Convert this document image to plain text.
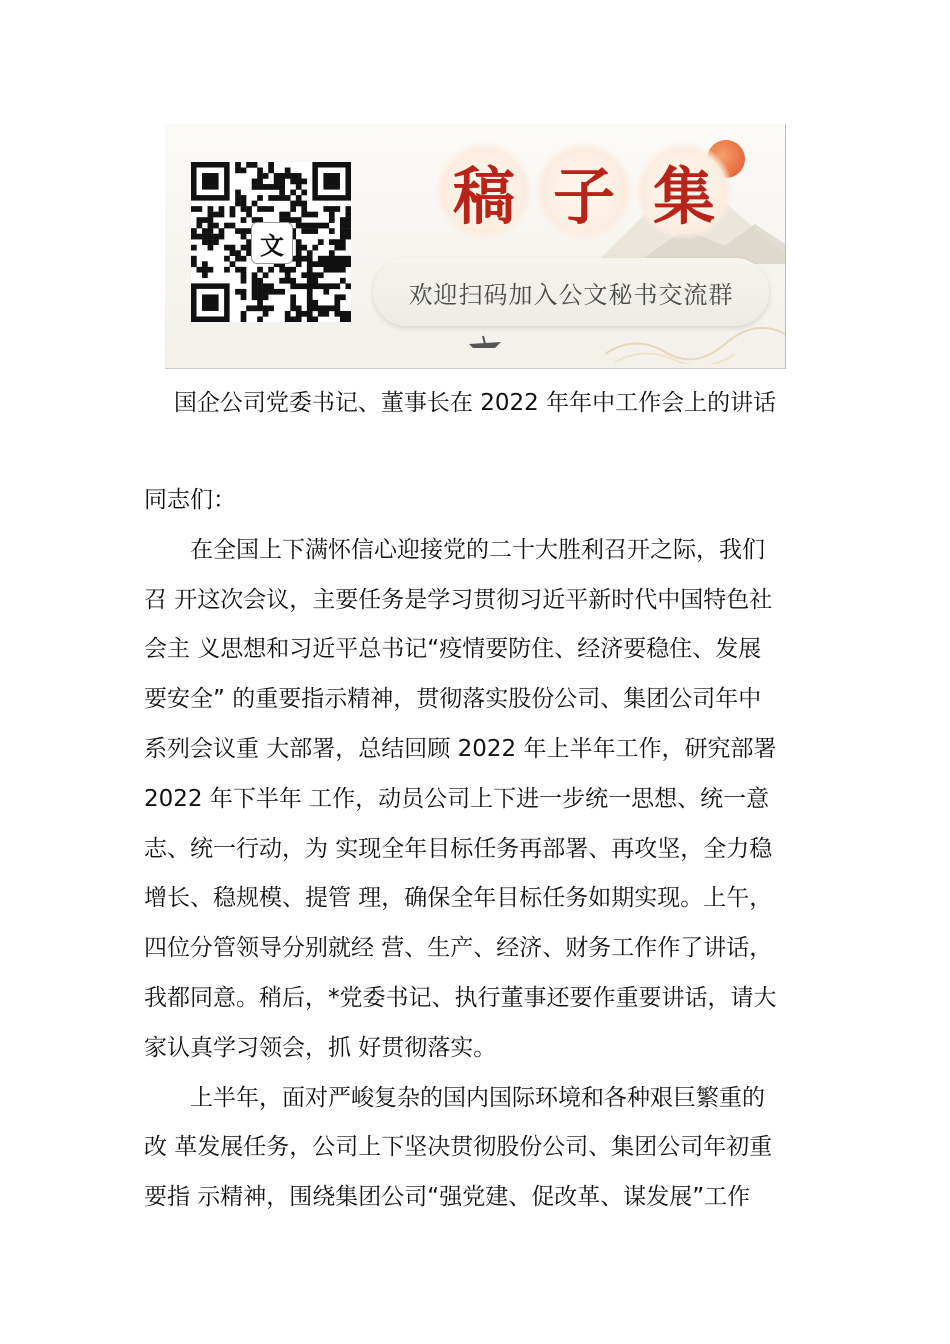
文
稿 子 集
欢迎扫码加入公文秘书交流群
国企公司党委书记、董事长在 2022 年年中工作会上的讲话

同志们：

在全国上下满怀信心迎接党的二十大胜利召开之际，我们

召 开这次会议，主要任务是学习贯彻习近平新时代中国特色社

会主 义思想和习近平总书记“疫情要防住、经济要稳住、发展

要安全” 的重要指示精神，贯彻落实股份公司、集团公司年中

系列会议重 大部署，总结回顾 2022 年上半年工作，研究部署

2022 年下半年 工作，动员公司上下进一步统一思想、统一意

志、统一行动，为 实现全年目标任务再部署、再攻坚，全力稳

增长、稳规模、提管 理，确保全年目标任务如期实现。上午，

四位分管领导分别就经 营、生产、经济、财务工作作了讲话，

我都同意。稍后，*党委书记、执行董事还要作重要讲话，请大

家认真学习领会，抓 好贯彻落实。

上半年，面对严峻复杂的国内国际环境和各种艰巨繁重的

改 革发展任务，公司上下坚决贯彻股份公司、集团公司年初重

要指 示精神，围绕集团公司“强党建、促改革、谋发展”工作
